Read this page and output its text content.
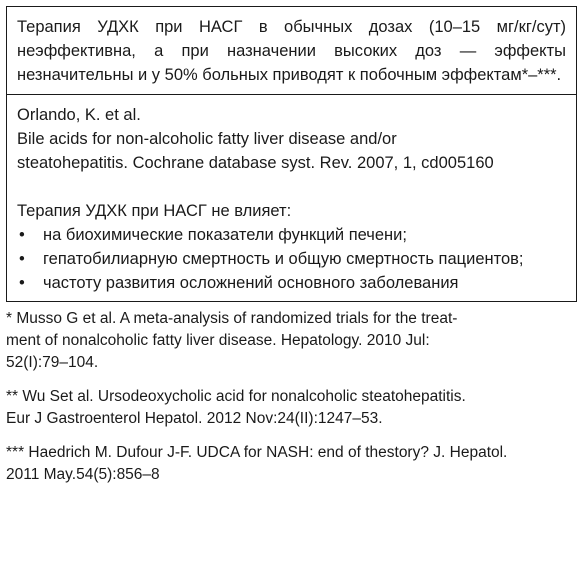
Терапия УДХК при НАСГ в обычных дозах (10–15 мг/кг/сут) неэффективна, а при назначении высоких доз — эффекты незначительны и у 50% больных приводят к побочным эффектам*–***.
Orlando, K. et al.
Bile acids for non-alcoholic fatty liver disease and/or
steatohepatitis. Cochrane database syst. Rev. 2007, 1, cd005160
Терапия УДХК при НАСГ не влияет:
• на биохимические показатели функций печени;
• гепатобилиарную смертность и общую смертность пациентов;
• частоту развития осложнений основного заболевания
* Musso G et al. A meta-analysis of randomized trials for the treat-
ment of nonalcoholic fatty liver disease. Hepatology. 2010 Jul:
52(I):79–104.
** Wu Set al. Ursodeoxycholic acid for nonalcoholic steatohepatitis.
Eur J Gastroenterol Hepatol. 2012 Nov:24(II):1247–53.
*** Haedrich M. Dufour J-F. UDCA for NASH: end of thestory? J. Hepatol.
2011 May.54(5):856–8
